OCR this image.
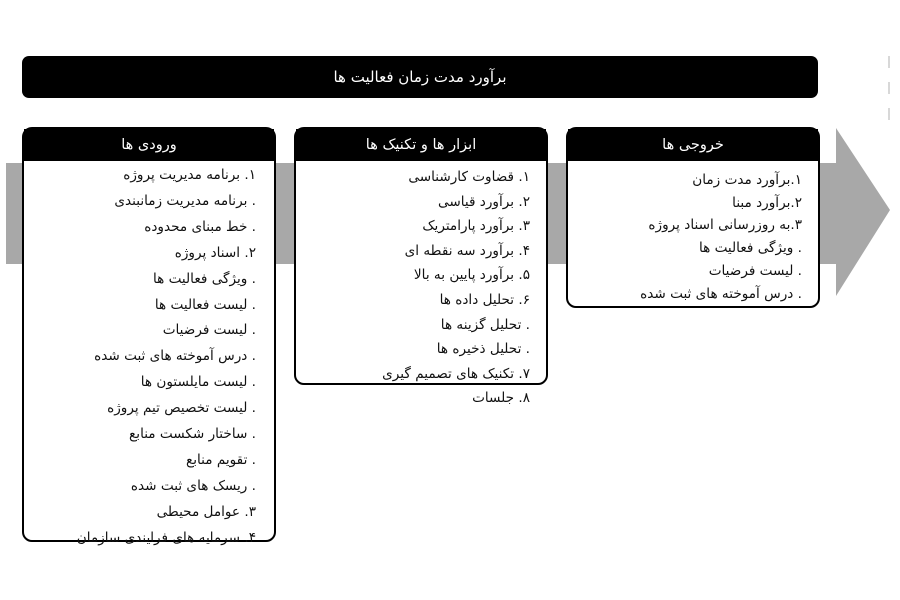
برآورد مدت زمان فعالیت ها
ورودی ها
۱. برنامه مدیریت پروژه
. برنامه مدیریت زمانبندی
. خط مبنای محدوده
۲. اسناد پروژه
. ویژگی فعالیت ها
. لیست فعالیت ها
. لیست فرضیات
. درس آموخته های ثبت شده
. لیست مایلستون ها
. لیست تخصیص تیم پروژه
. ساختار شکست منابع
. تقویم منابع
. ریسک های ثبت شده
۳. عوامل محیطی
۴. سرمایه های فرایندی سازمان
ابزار ها و تکنیک ها
۱. قضاوت کارشناسی
۲. برآورد قیاسی
۳. برآورد پارامتریک
۴. برآورد سه نقطه ای
۵. برآورد پایین به بالا
۶. تحلیل داده ها
. تحلیل گزینه ها
. تحلیل ذخیره ها
۷. تکنیک های تصمیم گیری
۸. جلسات
خروجی ها
۱.برآورد مدت زمان
۲.برآورد مبنا
۳.به روزرسانی اسناد پروژه
. ویژگی فعالیت ها
. لیست فرضیات
. درس آموخته های ثبت شده
